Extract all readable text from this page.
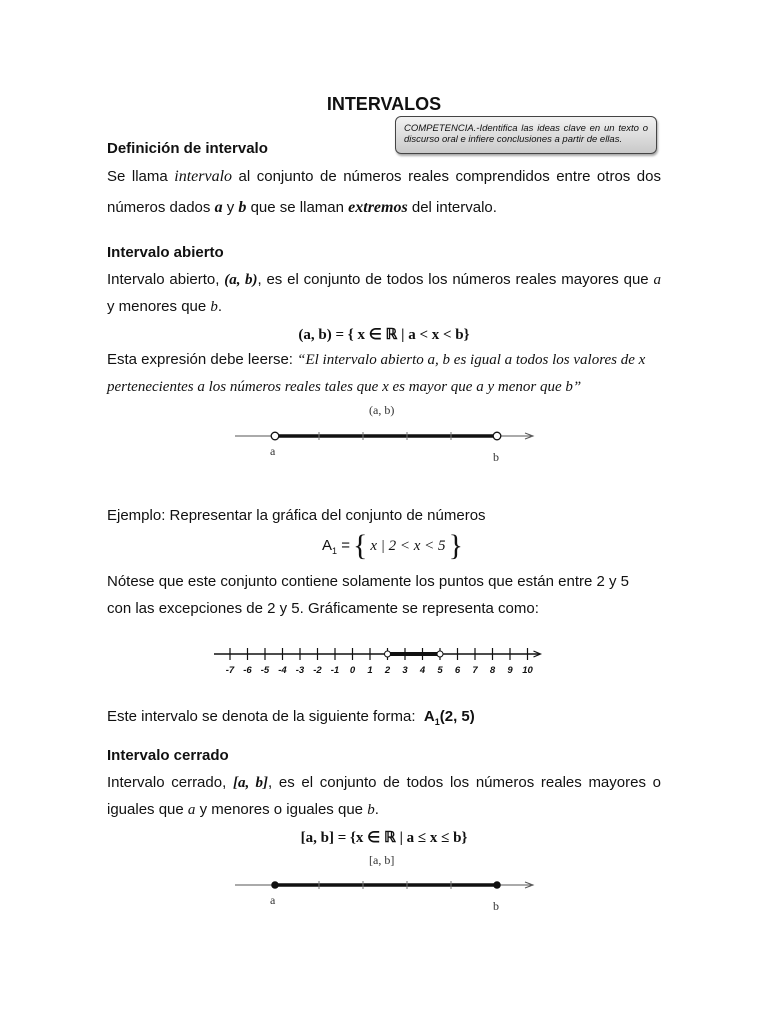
INTERVALOS
COMPETENCIA.-Identifica las ideas clave en un texto o discurso oral e infiere conclusiones a partir de ellas.
Definición de intervalo
Se llama intervalo al conjunto de números reales comprendidos entre otros dos
números dados a y b que se llaman extremos del intervalo.
Intervalo abierto
Intervalo abierto, (a, b), es el conjunto de todos los números reales mayores que a
y menores que b.
(a, b) = { x ∈ ℝ | a < x < b}
Esta expresión debe leerse: “El intervalo abierto a, b es igual a todos los valores de x
pertenecientes a los números reales tales que x es mayor que a y menor que b”
(a, b)
a	b
Ejemplo: Representar la gráfica del conjunto de números
$A_1$ = { x | 2 < x < 5 }
Nótese que este conjunto contiene solamente los puntos que están entre 2 y 5
con las excepciones de 2 y 5. Gráficamente se representa como:
-7 -6 -5 -4 -3 -2 -1 0 1 2 3 4 5 6 7 8 9 10
Este intervalo se denota de la siguiente forma: $A_1(2$, 5)
Intervalo cerrado
Intervalo cerrado, [a, b], es el conjunto de todos los números reales mayores o
iguales que a y menores o iguales que b.
[a, b] = {x ∈ ℝ | a ≤ x ≤ b}
[a, b]
a	b
